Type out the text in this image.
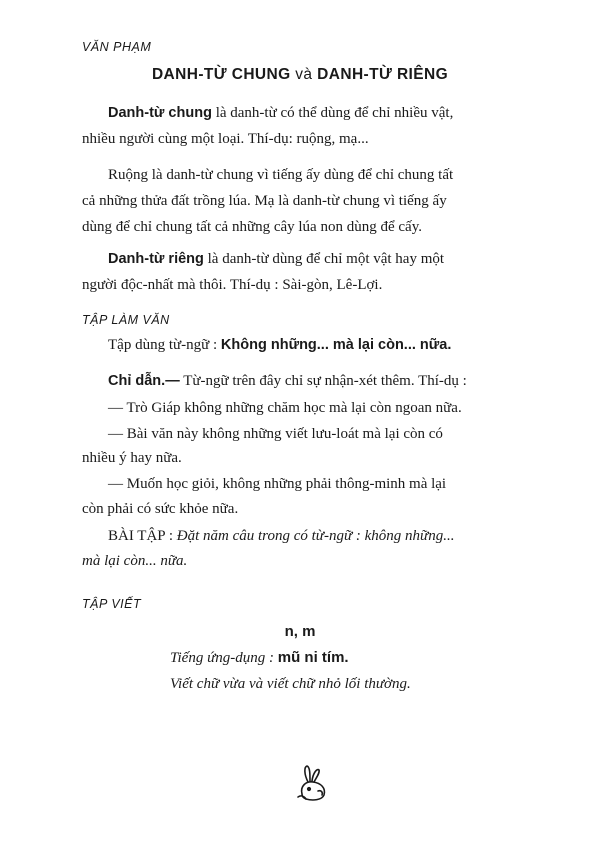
VĂN PHẠM
DANH-TỪ CHUNG và DANH-TỪ RIÊNG
Danh-từ chung là danh-từ có thể dùng để chỉ nhiều vật,
nhiều người cùng một loại. Thí-dụ: ruộng, mạ...
Ruộng là danh-từ chung vì tiếng ấy dùng để chỉ chung tất
cả những thửa đất trồng lúa. Mạ là danh-từ chung vì tiếng ấy
dùng để chỉ chung tất cả những cây lúa non dùng để cấy.
Danh-từ riêng là danh-từ dùng để chỉ một vật hay một
người độc-nhất mà thôi. Thí-dụ : Sài-gòn, Lê-Lợi.
TẬP LÀM VĂN
Tập dùng từ-ngữ : Không những... mà lại còn... nữa.
Chỉ dẫn.— Từ-ngữ trên đây chỉ sự nhận-xét thêm. Thí-dụ :
— Trò Giáp không những chăm học mà lại còn ngoan nữa.
— Bài văn này không những viết lưu-loát mà lại còn có
nhiều ý hay nữa.
— Muốn học giỏi, không những phải thông-minh mà lại
còn phải có sức khỏe nữa.
BÀI TẬP : Đặt năm câu trong có từ-ngữ : không những...
mà lại còn... nữa.
TẬP VIẾT
n, m
Tiếng ứng-dụng : mũ ni tím.
Viết chữ vừa và viết chữ nhỏ lối thường.
